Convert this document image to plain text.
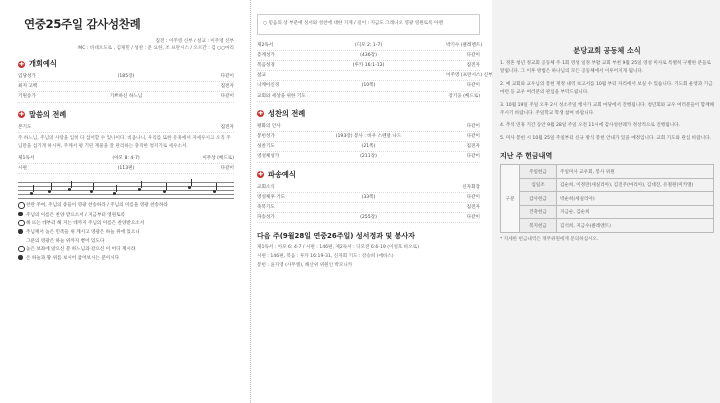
연중25주일 감사성찬례
집전 : 이주영 신부 / 설교 : 이주영 신부
MC : 바네오도로 , 김제민 / 성찬 : 문 요한, 조 프란시스 / 오르간 : 김 ○○마리
✚ 개회예식
입당성가	(185장)	다같이
최저 고백	집전자
기원송가	기쁘하신 하느님	다같이
✚ 말씀의 전례
본기도	집전자
주 하느님, 주님의 사랑을 입히 다 섬어할 수 있나이다. 비옵나니, 우리를 또한 유혹에서 자세우시고 오직 주님만을 섬기게 하시며, 주께서 평 기된 재물을 잘 관리하는 충직한 청지기로 세우소서.
제1독서	(아모 8: 4-7)	이무상 (베드로)
시편	(113편)	다같이
찬란 주여, 주님의 증들이 영광 찬송하라 / 주님의 이름을 영광 찬송하라
주님의 이름은 찬양 받으소서 / 지금부터 영원토록
해 뜨는 데부터 해 지는 데까지 주님의 이름은 찬양받으소서
주님께서 높은 민족들 위 계시고 영광은 하늘 위에 있으니
그분의 영광은 하늘 위까지 뻗어 있도다
높은 보좌에 앉으신 분 하느님과 같으신 이 어디 계시랴
온 하늘과 땅 위를 보시어 굽어보시는 분이시다
○ 믿음의 상 부분에 성서와 성찬에 대한 기재 / 길이 : 지금도 그레나오 영광 영원토록 아멘
제2독서	(디모 2: 1-7)	박기수 (클레멘트)
층계성가	(436장)	다같이
복음성경	(루카 16:1-13)	집전자
설교	이주영 (프란시스) 신부
니케아신경	(10쪽)	다같이
교회와 세상을 위한 기도	장기웅 (베드로)
✚ 성찬의 전례
평화의 인사	다같이
봉헌성가	(193장) 봉사 : 바우 스텐달 나드	다같이
성찬기도	(21쪽)	집전자
영성체성가	(211장)	다같이
✚ 파송예식
교회소식	신자회장
영성체후 기도	(33쪽)	다같이
축복기도	집전자
파송성가	(255장)	다같이
다음 주(9월28일 연중26주일) 성서정과 및 봉사자
제1독서 : 아모 6: 4-7 / 시편 : 146편, 제2독서 : 디모전 6:6-19 (이성호 바오로)
시편 : 146편, 복음 : 루카 16:19-31, 신자회 기도 : 강승희 (에바스)
봉헌 : 윤지영 (사무엘), 해산위 위원인 박모니카
분당교회 공동체 소식
1. 정혼 청년 정교회 공동체 주 1회 영성 일정 부활 교회 부천 9월 25일 영성 미사로 특별히 구별한 분들로 알립니다. 그 이후 방법은 하나님의 모든 공동체에서 이루어지게 됩니다.
2. 예 교회와 교우님의 봉헌 재정 내역 보고서를 10월 부터 자리에서 보실 수 있습니다. 기도회 운영과 기금 마련 등 교우 여러분의 관심을 부탁드립니다.
3. 10월 19일 주일 오후 2시 성소주일 행사가 교회 마당에서 진행됩니다. 청년회와 교우 여러분들이 함께해 주시기 바랍니다. 주일학교 학생 참여 바랍니다.
4. 추석 연휴 기간 동안 9월 28일 주일 오전 11시에 감사성찬례가 정상적으로 진행됩니다.
5. 미사 봉헌 시 10월 25일 주일부터 신규 방식 봉헌 안내가 있을 예정입니다. 교회 기도와 관심 바랍니다.
지난 주 헌금내역
구분	주일헌금	주일미사 교우회, 봉사 위원
	십일조	김순희, 이정란(세실리아), 김진주(마리아), 김대진, 유철원(미카엘)
	감사헌금	박순희(세실리아)
	건축헌금	지금순, 김순희
	복지헌금	김석희, 지금수(클레멘트)
* 지세한 헌금내역은 재무위원에게 문의하십시오.
